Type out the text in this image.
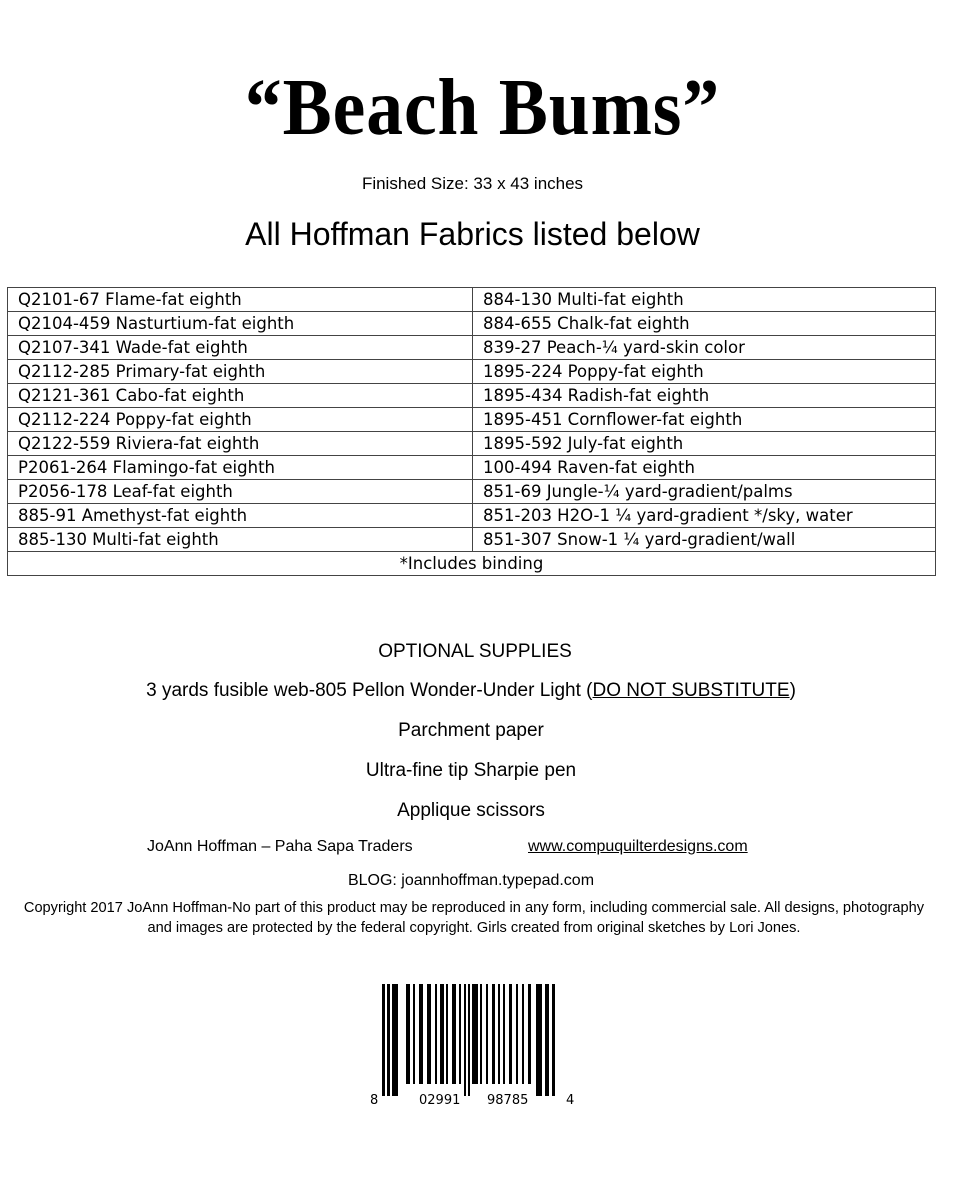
“Beach Bums”
Finished Size: 33 x 43 inches
All Hoffman Fabrics listed below
Q2101-67 Flame-fat eighth	884-130 Multi-fat eighth
Q2104-459 Nasturtium-fat eighth	884-655 Chalk-fat eighth
Q2107-341 Wade-fat eighth	839-27 Peach-¼ yard-skin color
Q2112-285 Primary-fat eighth	1895-224 Poppy-fat eighth
Q2121-361 Cabo-fat eighth	1895-434 Radish-fat eighth
Q2112-224 Poppy-fat eighth	1895-451 Cornflower-fat eighth
Q2122-559 Riviera-fat eighth	1895-592 July-fat eighth
P2061-264 Flamingo-fat eighth	100-494 Raven-fat eighth
P2056-178 Leaf-fat eighth	851-69 Jungle-¼ yard-gradient/palms
885-91 Amethyst-fat eighth	851-203 H2O-1 ¼ yard-gradient */sky, water
885-130 Multi-fat eighth	851-307 Snow-1 ¼ yard-gradient/wall
*Includes binding	
OPTIONAL SUPPLIES
3 yards fusible web-805 Pellon Wonder-Under Light (DO NOT SUBSTITUTE)
Parchment paper
Ultra-fine tip Sharpie pen
Applique scissors
JoAnn Hoffman – Paha Sapa Traders	www.compuquilterdesigns.com
BLOG: joannhoffman.typepad.com
Copyright 2017 JoAnn Hoffman-No part of this product may be reproduced in any form, including commercial sale. All designs, photography and images are protected by the federal copyright. Girls created from original sketches by Lori Jones.
8	02991 98785	4
